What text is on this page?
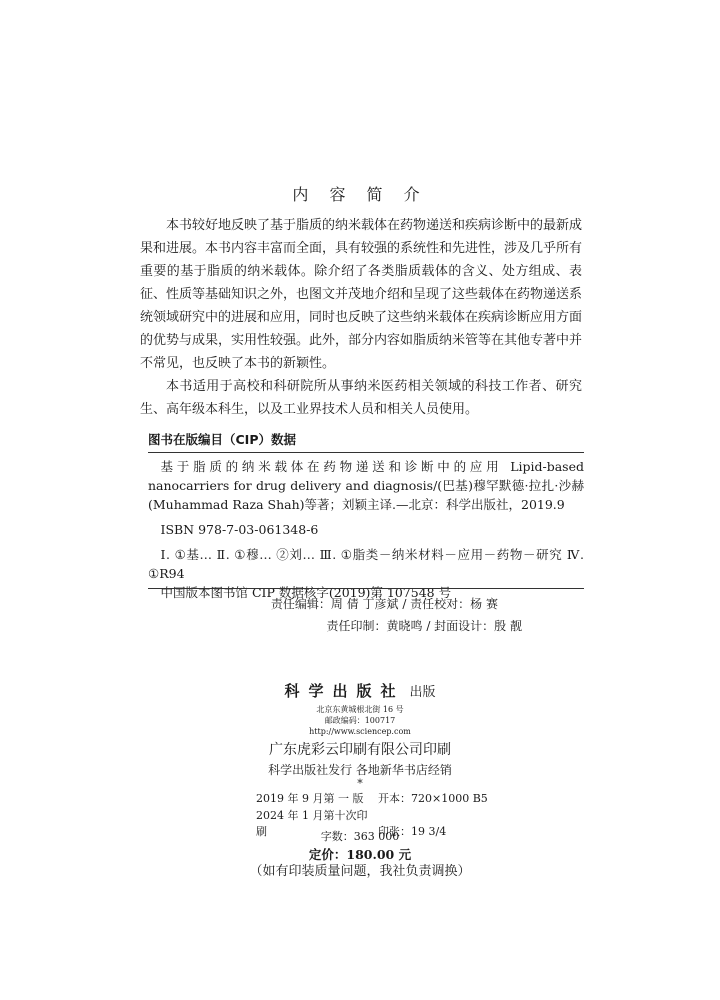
内 容 简 介

本书较好地反映了基于脂质的纳米载体在药物递送和疾病诊断中的最新成果和进展。本书内容丰富而全面，具有较强的系统性和先进性，涉及几乎所有重要的基于脂质的纳米载体。除介绍了各类脂质载体的含义、处方组成、表征、性质等基础知识之外，也图文并茂地介绍和呈现了这些载体在药物递送系统领域研究中的进展和应用，同时也反映了这些纳米载体在疾病诊断应用方面的优势与成果，实用性较强。此外，部分内容如脂质纳米管等在其他专著中并不常见，也反映了本书的新颖性。

本书适用于高校和科研院所从事纳米医药相关领域的科技工作者、研究生、高年级本科生，以及工业界技术人员和相关人员使用。

图书在版编目（CIP）数据

基于脂质的纳米载体在药物递送和诊断中的应用 Lipid-based nanocarriers for drug delivery and diagnosis/(巴基)穆罕默德·拉扎·沙赫(Muhammad Raza Shah)等著；刘颖主译.—北京：科学出版社，2019.9

ISBN 978-7-03-061348-6

Ⅰ. ①基… Ⅱ. ①穆… ②刘… Ⅲ. ①脂类－纳米材料－应用－药物－研究 Ⅳ. ①R94

中国版本图书馆 CIP 数据核字(2019)第 107548 号

责任编辑：周 倩 丁彦斌 / 责任校对：杨 赛
责任印制：黄晓鸣 / 封面设计：殷 靓
科学出版社 出版
北京东黄城根北街 16 号
邮政编码：100717
http://www.sciencep.com
广东虎彩云印刷有限公司印刷
科学出版社发行 各地新华书店经销
*
2019 年 9 月第 一 版 开本：720×1000 B5
2024 年 1 月第十次印刷	印张：19 3/4
字数：363 000
定价：180.00 元
（如有印装质量问题，我社负责调换）
